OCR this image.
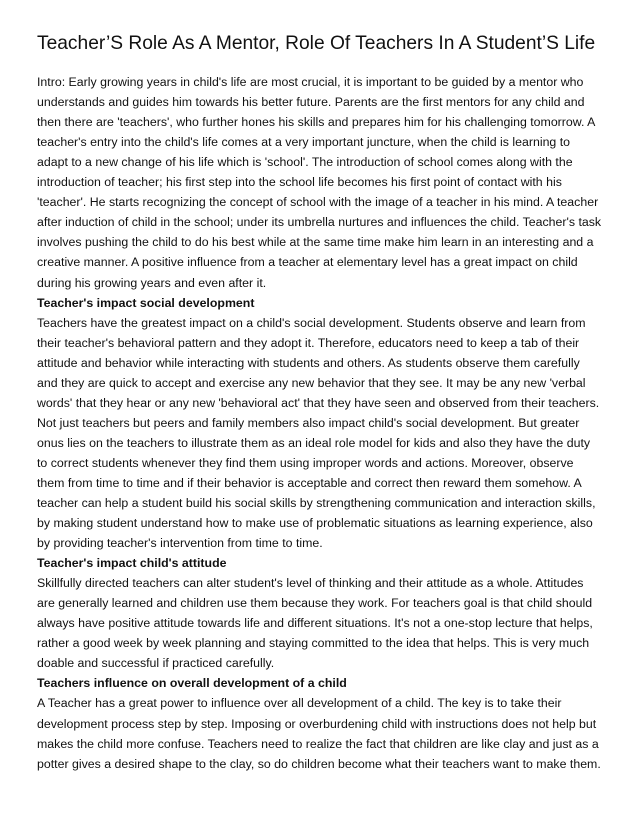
Teacher’S Role As A Mentor, Role Of Teachers In A Student’S Life

Intro: Early growing years in child's life are most crucial, it is important to be guided by a mentor who understands and guides him towards his better future. Parents are the first mentors for any child and then there are 'teachers', who further hones his skills and prepares him for his challenging tomorrow. A teacher's entry into the child's life comes at a very important juncture, when the child is learning to adapt to a new change of his life which is 'school'. The introduction of school comes along with the introduction of teacher; his first step into the school life becomes his first point of contact with his 'teacher'. He starts recognizing the concept of school with the image of a teacher in his mind. A teacher after induction of child in the school; under its umbrella nurtures and influences the child. Teacher's task involves pushing the child to do his best while at the same time make him learn in an interesting and a creative manner. A positive influence from a teacher at elementary level has a great impact on child during his growing years and even after it.

Teacher's impact social development

Teachers have the greatest impact on a child's social development. Students observe and learn from their teacher's behavioral pattern and they adopt it. Therefore, educators need to keep a tab of their attitude and behavior while interacting with students and others. As students observe them carefully and they are quick to accept and exercise any new behavior that they see. It may be any new 'verbal words' that they hear or any new 'behavioral act' that they have seen and observed from their teachers. Not just teachers but peers and family members also impact child's social development. But greater onus lies on the teachers to illustrate them as an ideal role model for kids and also they have the duty to correct students whenever they find them using improper words and actions. Moreover, observe them from time to time and if their behavior is acceptable and correct then reward them somehow. A teacher can help a student build his social skills by strengthening communication and interaction skills, by making student understand how to make use of problematic situations as learning experience, also by providing teacher's intervention from time to time.

Teacher's impact child's attitude

Skillfully directed teachers can alter student's level of thinking and their attitude as a whole. Attitudes are generally learned and children use them because they work. For teachers goal is that child should always have positive attitude towards life and different situations. It's not a one-stop lecture that helps, rather a good week by week planning and staying committed to the idea that helps. This is very much doable and successful if practiced carefully.

Teachers influence on overall development of a child

A Teacher has a great power to influence over all development of a child. The key is to take their development process step by step. Imposing or overburdening child with instructions does not help but makes the child more confuse. Teachers need to realize the fact that children are like clay and just as a potter gives a desired shape to the clay, so do children become what their teachers want to make them.
